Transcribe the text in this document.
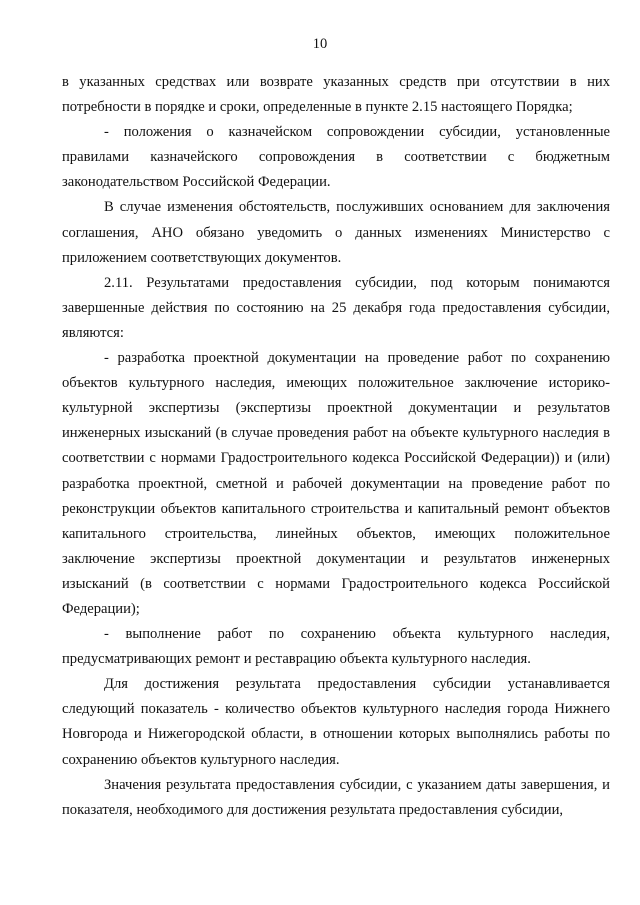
10

в указанных средствах или возврате указанных средств при отсутствии в них потребности в порядке и сроки, определенные в пункте 2.15 настоящего Порядка;

- положения о казначейском сопровождении субсидии, установленные правилами казначейского сопровождения в соответствии с бюджетным законодательством Российской Федерации.

В случае изменения обстоятельств, послуживших основанием для заключения соглашения, АНО обязано уведомить о данных изменениях Министерство с приложением соответствующих документов.

2.11. Результатами предоставления субсидии, под которым понимаются завершенные действия по состоянию на 25 декабря года предоставления субсидии, являются:

- разработка проектной документации на проведение работ по сохранению объектов культурного наследия, имеющих положительное заключение историко-культурной экспертизы (экспертизы проектной документации и результатов инженерных изысканий (в случае проведения работ на объекте культурного наследия в соответствии с нормами Градостроительного кодекса Российской Федерации)) и (или) разработка проектной, сметной и рабочей документации на проведение работ по реконструкции объектов капитального строительства и капитальный ремонт объектов капитального строительства, линейных объектов, имеющих положительное заключение экспертизы проектной документации и результатов инженерных изысканий (в соответствии с нормами Градостроительного кодекса Российской Федерации);

- выполнение работ по сохранению объекта культурного наследия, предусматривающих ремонт и реставрацию объекта культурного наследия.

Для достижения результата предоставления субсидии устанавливается следующий показатель - количество объектов культурного наследия города Нижнего Новгорода и Нижегородской области, в отношении которых выполнялись работы по сохранению объектов культурного наследия.

Значения результата предоставления субсидии, с указанием даты завершения, и показателя, необходимого для достижения результата предоставления субсидии,
